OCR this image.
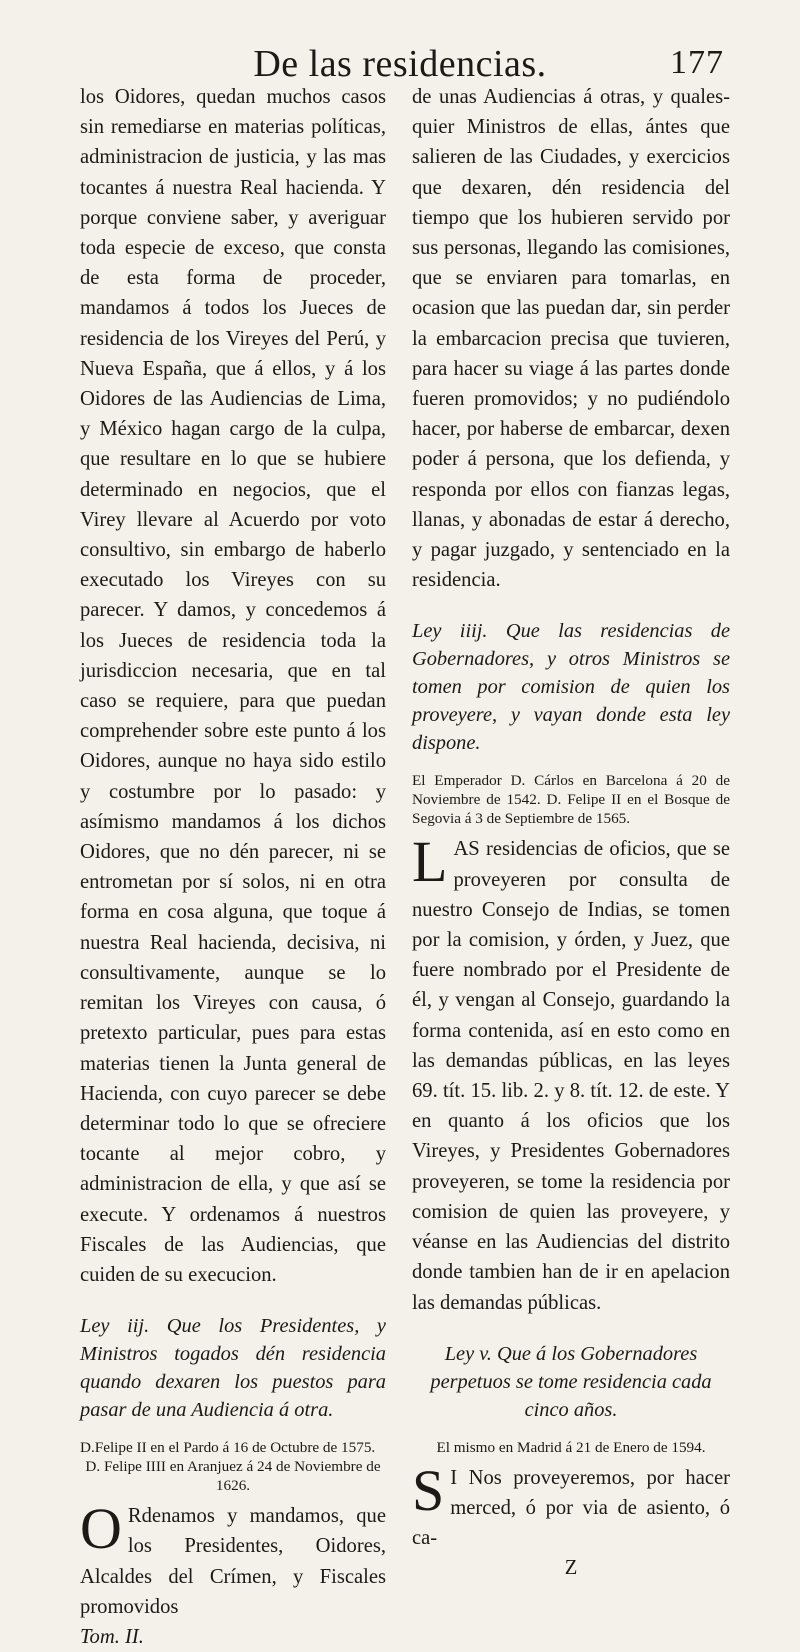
De las residencias.	177

los Oidores, quedan muchos casos sin remediarse en materias políticas, administracion de justicia, y las mas tocantes á nuestra Real hacienda. Y porque conviene saber, y averiguar toda especie de exceso, que consta de esta forma de proceder, mandamos á todos los Jueces de residencia de los Vireyes del Perú, y Nueva España, que á ellos, y á los Oidores de las Audiencias de Lima, y México hagan cargo de la culpa, que resultare en lo que se hubiere determinado en negocios, que el Virey llevare al Acuerdo por voto consultivo, sin embargo de haberlo executado los Vireyes con su parecer. Y damos, y concedemos á los Jueces de residencia toda la jurisdiccion necesaria, que en tal caso se requiere, para que puedan comprehender sobre este punto á los Oidores, aunque no haya sido estilo y costumbre por lo pasado: y asímismo mandamos á los dichos Oidores, que no dén parecer, ni se entrometan por sí solos, ni en otra forma en cosa alguna, que toque á nuestra Real hacienda, decisiva, ni consultivamente, aunque se lo remitan los Vireyes con causa, ó pretexto particular, pues para estas materias tienen la Junta general de Hacienda, con cuyo parecer se debe determinar todo lo que se ofreciere tocante al mejor cobro, y administracion de ella, y que así se execute. Y ordenamos á nuestros Fiscales de las Audiencias, que cuiden de su execucion.

Ley iij. Que los Presidentes, y Ministros togados dén residencia quando dexaren los puestos para pasar de una Audiencia á otra.

D.Felipe II en el Pardo á 16 de Octubre de 1575.

D. Felipe IIII en Aranjuez á 24 de Noviembre de 1626.

O Rdenamos y mandamos, que los Presidentes, Oidores, Alcaldes del Crímen, y Fiscales promovidos

Tom. II.

de unas Audiencias á otras, y quales-quier Ministros de ellas, ántes que salieren de las Ciudades, y exercicios que dexaren, dén residencia del tiempo que los hubieren servido por sus personas, llegando las comisiones, que se enviaren para tomarlas, en ocasion que las puedan dar, sin perder la embarcacion precisa que tuvieren, para hacer su viage á las partes donde fueren promovidos; y no pudiéndolo hacer, por haberse de embarcar, dexen poder á persona, que los defienda, y responda por ellos con fianzas legas, llanas, y abonadas de estar á derecho, y pagar juzgado, y sentenciado en la residencia.

Ley iiij. Que las residencias de Gobernadores, y otros Ministros se tomen por comision de quien los proveyere, y vayan donde esta ley dispone.

El Emperador D. Cárlos en Barcelona á 20 de Noviembre de 1542. D. Felipe II en el Bosque de Segovia á 3 de Septiembre de 1565.

LAS residencias de oficios, que se proveyeren por consulta de nuestro Consejo de Indias, se tomen por la comision, y órden, y Juez, que fuere nombrado por el Presidente de él, y vengan al Consejo, guardando la forma contenida, así en esto como en las demandas públicas, en las leyes 69. tít. 15. lib. 2. y 8. tít. 12. de este. Y en quanto á los oficios que los Vireyes, y Presidentes Gobernadores proveyeren, se tome la residencia por comision de quien las proveyere, y véanse en las Audiencias del distrito donde tambien han de ir en apelacion las demandas públicas.

Ley v. Que á los Gobernadores perpetuos se tome residencia cada cinco años.

El mismo en Madrid á 21 de Enero de 1594.

S I Nos proveyeremos, por hacer merced, ó por via de asiento, ó ca-

Z
